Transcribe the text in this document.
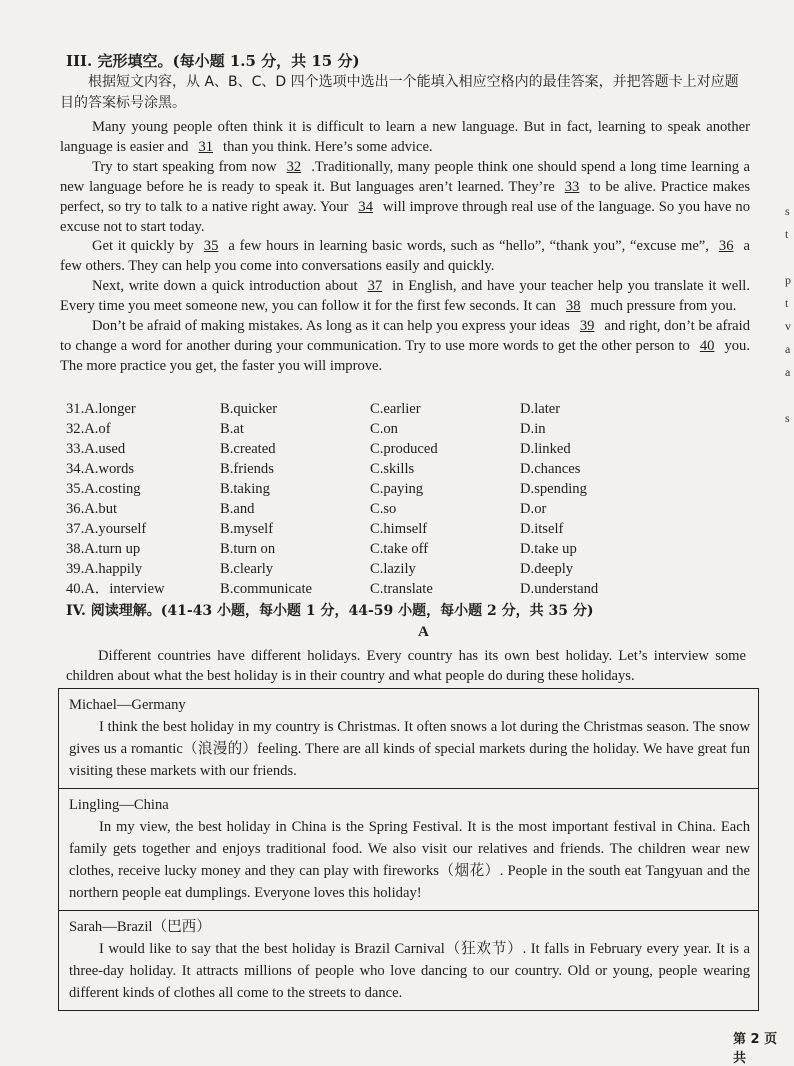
III. 完形填空。(每小题 1.5 分，共 15 分)
根据短文内容，从 A、B、C、D 四个选项中选出一个能填入相应空格内的最佳答案，并把答题卡上对应题目的答案标号涂黑。

Many young people often think it is difficult to learn a new language. But in fact, learning to speak another language is easier and 31 than you think. Here’s some advice.

Try to start speaking from now 32 .Traditionally, many people think one should spend a long time learning a new language before he is ready to speak it. But languages aren’t learned. They’re 33 to be alive. Practice makes perfect, so try to talk to a native right away. Your 34 will improve through real use of the language. So you have no excuse not to start today.

Get it quickly by 35 a few hours in learning basic words, such as “hello”, “thank you”, “excuse me”, 36 a few others. They can help you come into conversations easily and quickly.

Next, write down a quick introduction about 37 in English, and have your teacher help you translate it well. Every time you meet someone new, you can follow it for the first few seconds. It can 38 much pressure from you.

Don’t be afraid of making mistakes. As long as it can help you express your ideas 39 and right, don’t be afraid to change a word for another during your communication. Try to use more words to get the other person to 40 you. The more practice you get, the faster you will improve.

31.A.longer	B.quicker	C.earlier	D.later
32.A.of	B.at	C.on	D.in
33.A.used	B.created	C.produced	D.linked
34.A.words	B.friends	C.skills	D.chances
35.A.costing	B.taking	C.paying	D.spending
36.A.but	B.and	C.so	D.or
37.A.yourself	B.myself	C.himself	D.itself
38.A.turn up	B.turn on	C.take off	D.take up
39.A.happily	B.clearly	C.lazily	D.deeply
40.A．interview	B.communicate	C.translate	D.understand
IV. 阅读理解。(41-43 小题，每小题 1 分，44-59 小题，每小题 2 分，共 35 分)
A
Different countries have different holidays. Every country has its own best holiday. Let’s interview some children about what the best holiday is in their country and what people do during these holidays.

Michael—Germany

I think the best holiday in my country is Christmas. It often snows a lot during the Christmas season. The snow gives us a romantic（浪漫的）feeling. There are all kinds of special markets during the holiday. We have great fun visiting these markets with our friends.

Lingling—China

In my view, the best holiday in China is the Spring Festival. It is the most important festival in China. Each family gets together and enjoys traditional food. We also visit our relatives and friends. The children wear new clothes, receive lucky money and they can play with fireworks（烟花）. People in the south eat Tangyuan and the northern people eat dumplings. Everyone loves this holiday!

Sarah—Brazil（巴西）

I would like to say that the best holiday is Brazil Carnival（狂欢节）. It falls in February every year. It is a three-day holiday. It attracts millions of people who love dancing to our country. Old or young, people wearing different kinds of clothes all come to the streets to dance.

第 2 页 共
s
t

p
t
v
a
a

s
